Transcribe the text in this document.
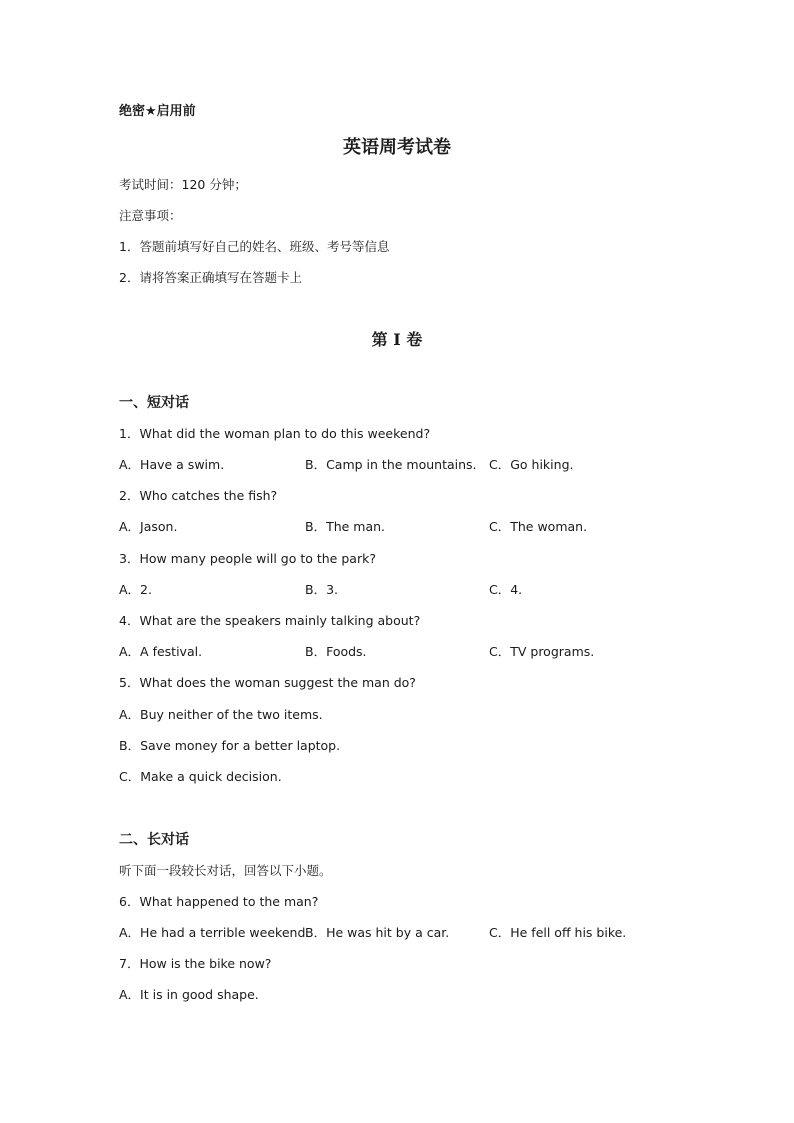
绝密★启用前
英语周考试卷
考试时间：120 分钟；
注意事项：
1．答题前填写好自己的姓名、班级、考号等信息
2．请将答案正确填写在答题卡上
第 I 卷
一、短对话
1．What did the woman plan to do this weekend?
A．Have a swim.	B．Camp in the mountains. C．Go hiking.
2．Who catches the fish?
A．Jason.	B．The man.	C．The woman.
3．How many people will go to the park?
A．2.	B．3.	C．4.
4．What are the speakers mainly talking about?
A．A festival.	B．Foods.	C．TV programs.
5．What does the woman suggest the man do?
A．Buy neither of the two items.
B．Save money for a better laptop.
C．Make a quick decision.
二、长对话
听下面一段较长对话，回答以下小题。
6．What happened to the man?
A．He had a terrible weekend.
B．He was hit by a car.	C．He fell off his bike.
7．How is the bike now?
A．It is in good shape.
